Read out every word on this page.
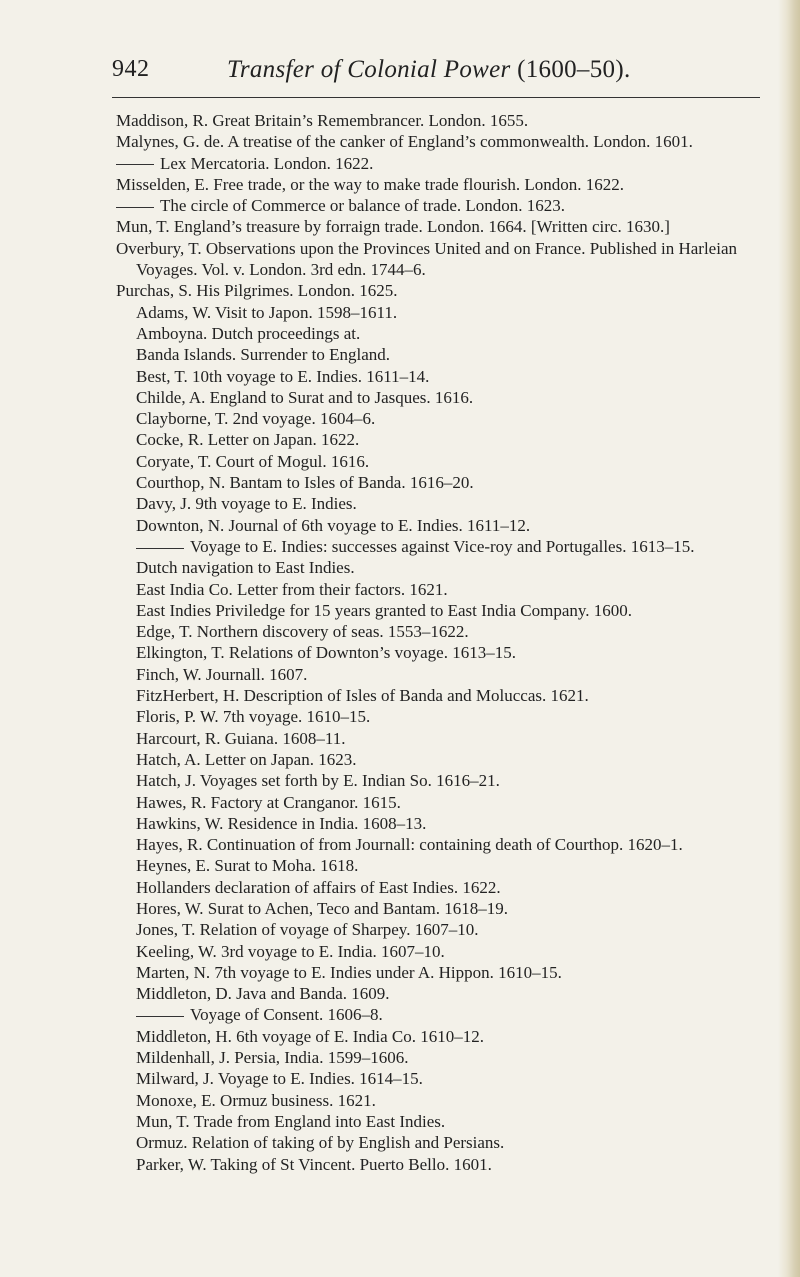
942	Transfer of Colonial Power (1600–50).
Maddison, R. Great Britain’s Remembrancer. London. 1655.
Malynes, G. de. A treatise of the canker of England’s commonwealth. London. 1601.
Lex Mercatoria. London. 1622.
Misselden, E. Free trade, or the way to make trade flourish. London. 1622.
The circle of Commerce or balance of trade. London. 1623.
Mun, T. England’s treasure by forraign trade. London. 1664. [Written circ. 1630.]
Overbury, T. Observations upon the Provinces United and on France. Published in Harleian Voyages. Vol. v. London. 3rd edn. 1744–6.
Purchas, S. His Pilgrimes. London. 1625.
Adams, W. Visit to Japon. 1598–1611.
Amboyna. Dutch proceedings at.
Banda Islands. Surrender to England.
Best, T. 10th voyage to E. Indies. 1611–14.
Childe, A. England to Surat and to Jasques. 1616.
Clayborne, T. 2nd voyage. 1604–6.
Cocke, R. Letter on Japan. 1622.
Coryate, T. Court of Mogul. 1616.
Courthop, N. Bantam to Isles of Banda. 1616–20.
Davy, J. 9th voyage to E. Indies.
Downton, N. Journal of 6th voyage to E. Indies. 1611–12.
Voyage to E. Indies: successes against Vice-roy and Portugalles. 1613–15.
Dutch navigation to East Indies.
East India Co. Letter from their factors. 1621.
East Indies Priviledge for 15 years granted to East India Company. 1600.
Edge, T. Northern discovery of seas. 1553–1622.
Elkington, T. Relations of Downton’s voyage. 1613–15.
Finch, W. Journall. 1607.
FitzHerbert, H. Description of Isles of Banda and Moluccas. 1621.
Floris, P. W. 7th voyage. 1610–15.
Harcourt, R. Guiana. 1608–11.
Hatch, A. Letter on Japan. 1623.
Hatch, J. Voyages set forth by E. Indian So. 1616–21.
Hawes, R. Factory at Cranganor. 1615.
Hawkins, W. Residence in India. 1608–13.
Hayes, R. Continuation of from Journall: containing death of Courthop. 1620–1.
Heynes, E. Surat to Moha. 1618.
Hollanders declaration of affairs of East Indies. 1622.
Hores, W. Surat to Achen, Teco and Bantam. 1618–19.
Jones, T. Relation of voyage of Sharpey. 1607–10.
Keeling, W. 3rd voyage to E. India. 1607–10.
Marten, N. 7th voyage to E. Indies under A. Hippon. 1610–15.
Middleton, D. Java and Banda. 1609.
Voyage of Consent. 1606–8.
Middleton, H. 6th voyage of E. India Co. 1610–12.
Mildenhall, J. Persia, India. 1599–1606.
Milward, J. Voyage to E. Indies. 1614–15.
Monoxe, E. Ormuz business. 1621.
Mun, T. Trade from England into East Indies.
Ormuz. Relation of taking of by English and Persians.
Parker, W. Taking of St Vincent. Puerto Bello. 1601.
